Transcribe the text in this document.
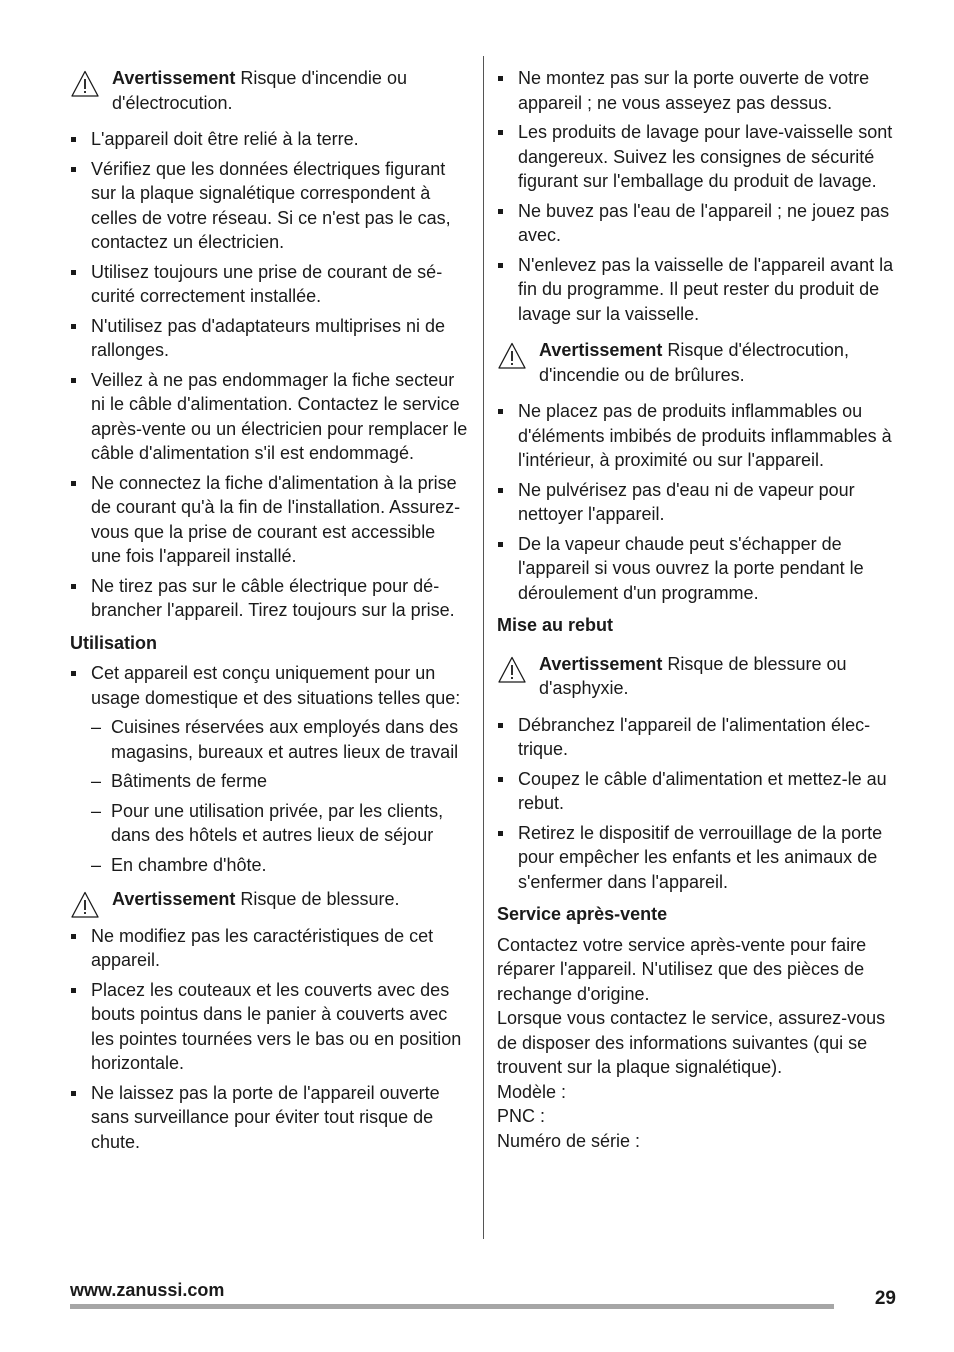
Avertissement Risque d'incendie ou d'électrocution.
L'appareil doit être relié à la terre.
Vérifiez que les données électriques figurant sur la plaque signalétique correspondent à celles de votre réseau. Si ce n'est pas le cas, contactez un électricien.
Utilisez toujours une prise de courant de sécurité correctement installée.
N'utilisez pas d'adaptateurs multiprises ni de rallonges.
Veillez à ne pas endommager la fiche secteur ni le câble d'alimentation. Contactez le service après-vente ou un électricien pour remplacer le câble d'alimentation s'il est endommagé.
Ne connectez la fiche d'alimentation à la prise de courant qu'à la fin de l'installation. Assurez-vous que la prise de courant est accessible une fois l'appareil installé.
Ne tirez pas sur le câble électrique pour débrancher l'appareil. Tirez toujours sur la prise.
Utilisation
Cet appareil est conçu uniquement pour un usage domestique et des situations telles que:
– Cuisines réservées aux employés dans des magasins, bureaux et autres lieux de travail
– Bâtiments de ferme
– Pour une utilisation privée, par les clients, dans des hôtels et autres lieux de séjour
– En chambre d'hôte.
Avertissement Risque de blessure.
Ne modifiez pas les caractéristiques de cet appareil.
Placez les couteaux et les couverts avec des bouts pointus dans le panier à couverts avec les pointes tournées vers le bas ou en position horizontale.
Ne laissez pas la porte de l'appareil ouverte sans surveillance pour éviter tout risque de chute.
Ne montez pas sur la porte ouverte de votre appareil ; ne vous asseyez pas dessus.
Les produits de lavage pour lave-vaisselle sont dangereux. Suivez les consignes de sécurité figurant sur l'emballage du produit de lavage.
Ne buvez pas l'eau de l'appareil ; ne jouez pas avec.
N'enlevez pas la vaisselle de l'appareil avant la fin du programme. Il peut rester du produit de lavage sur la vaisselle.
Avertissement Risque d'électrocution, d'incendie ou de brûlures.
Ne placez pas de produits inflammables ou d'éléments imbibés de produits inflammables à l'intérieur, à proximité ou sur l'appareil.
Ne pulvérisez pas d'eau ni de vapeur pour nettoyer l'appareil.
De la vapeur chaude peut s'échapper de l'appareil si vous ouvrez la porte pendant le déroulement d'un programme.
Mise au rebut
Avertissement Risque de blessure ou d'asphyxie.
Débranchez l'appareil de l'alimentation électrique.
Coupez le câble d'alimentation et mettez-le au rebut.
Retirez le dispositif de verrouillage de la porte pour empêcher les enfants et les animaux de s'enfermer dans l'appareil.
Service après-vente

Contactez votre service après-vente pour faire réparer l'appareil. N'utilisez que des pièces de rechange d'origine.

Lorsque vous contactez le service, assurez-vous de disposer des informations suivantes (qui se trouvent sur la plaque signalétique).

Modèle :

PNC :

Numéro de série :

www.zanussi.com	29
